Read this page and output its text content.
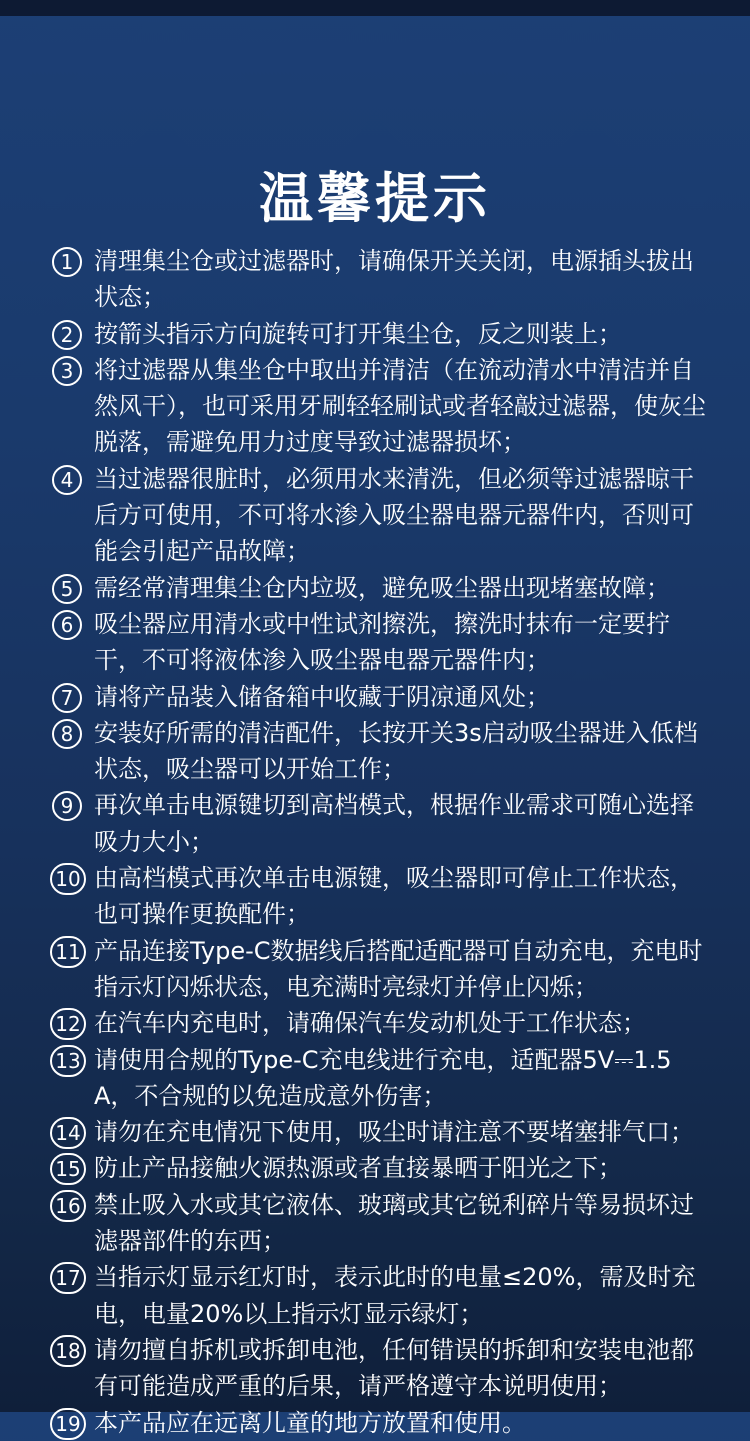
温馨提示
1 清理集尘仓或过滤器时，请确保开关关闭，电源插头拔出状态；
2 按箭头指示方向旋转可打开集尘仓，反之则装上；
3 将过滤器从集坐仓中取出并清洁（在流动清水中清洁并自然风干），也可采用牙刷轻轻刷试或者轻敲过滤器，使灰尘脱落，需避免用力过度导致过滤器损坏；
4 当过滤器很脏时，必须用水来清洗，但必须等过滤器晾干后方可使用，不可将水渗入吸尘器电器元器件内，否则可能会引起产品故障；
5 需经常清理集尘仓内垃圾，避免吸尘器出现堵塞故障；
6 吸尘器应用清水或中性试剂擦洗，擦洗时抹布一定要拧干，不可将液体渗入吸尘器电器元器件内；
7 请将产品装入储备箱中收藏于阴凉通风处；
8 安装好所需的清洁配件，长按开关3s启动吸尘器进入低档状态，吸尘器可以开始工作；
9 再次单击电源键切到高档模式，根据作业需求可随心选择吸力大小；
10 由高档模式再次单击电源键，吸尘器即可停止工作状态，也可操作更换配件；
11 产品连接Type-C数据线后搭配适配器可自动充电，充电时指示灯闪烁状态，电充满时亮绿灯并停止闪烁；
12 在汽车内充电时，请确保汽车发动机处于工作状态；
13 请使用合规的Type-C充电线进行充电，适配器5V⎓1.5A，不合规的以免造成意外伤害；
14 请勿在充电情况下使用，吸尘时请注意不要堵塞排气口；
15 防止产品接触火源热源或者直接暴晒于阳光之下；
16 禁止吸入水或其它液体、玻璃或其它锐利碎片等易损坏过滤器部件的东西；
17 当指示灯显示红灯时，表示此时的电量≤20%，需及时充电，电量20%以上指示灯显示绿灯；
18 请勿擅自拆机或拆卸电池，任何错误的拆卸和安装电池都有可能造成严重的后果，请严格遵守本说明使用；
19 本产品应在远离儿童的地方放置和使用。
